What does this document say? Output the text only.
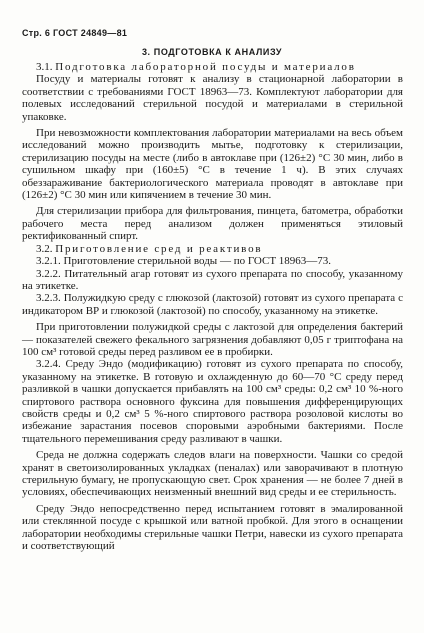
Стр. 6 ГОСТ 24849—81
3. ПОДГОТОВКА К АНАЛИЗУ

3.1. Подготовка лабораторной посуды и материалов

Посуду и материалы готовят к анализу в стационарной лаборатории в соответствии с требованиями ГОСТ 18963—73. Комплектуют лаборатории для полевых исследований стерильной посудой и материалами в стерильной упаковке.

При невозможности комплектования лаборатории материалами на весь объем исследований можно производить мытье, подготовку к стерилизации, стерилизацию посуды на месте (либо в автоклаве при (126±2) °С 30 мин, либо в сушильном шкафу при (160±5) °С в течение 1 ч). В этих случаях обеззараживание бактериологического материала проводят в автоклаве при (126±2) °С 30 мин или кипячением в течение 30 мин.

Для стерилизации прибора для фильтрования, пинцета, батометра, обработки рабочего места перед анализом должен применяться этиловый ректификованный спирт.

3.2. Приготовление сред и реактивов

3.2.1. Приготовление стерильной воды — по ГОСТ 18963—73.

3.2.2. Питательный агар готовят из сухого препарата по способу, указанному на этикетке.

3.2.3. Полужидкую среду с глюкозой (лактозой) готовят из сухого препарата с индикатором ВР и глюкозой (лактозой) по способу, указанному на этикетке.

При приготовлении полужидкой среды с лактозой для определения бактерий — показателей свежего фекального загрязнения добавляют 0,05 г триптофана на 100 см³ готовой среды перед разливом ее в пробирки.

3.2.4. Среду Эндо (модификацию) готовят из сухого препарата по способу, указанному на этикетке. В готовую и охлажденную до 60—70 °С среду перед разливкой в чашки допускается прибавлять на 100 см³ среды: 0,2 см³ 10 %-ного спиртового раствора основного фуксина для повышения дифференцирующих свойств среды и 0,2 см³ 5 %-ного спиртового раствора розоловой кислоты во избежание зарастания посевов споровыми аэробными бактериями. После тщательного перемешивания среду разливают в чашки.

Среда не должна содержать следов влаги на поверхности. Чашки со средой хранят в светоизолированных укладках (пеналах) или заворачивают в плотную стерильную бумагу, не пропускающую свет. Срок хранения — не более 7 дней в условиях, обеспечивающих неизменный внешний вид среды и ее стерильность.

Среду Эндо непосредственно перед испытанием готовят в эмалированной или стеклянной посуде с крышкой или ватной пробкой. Для этого в оснащении лаборатории необходимы стерильные чашки Петри, навески из сухого препарата и соответствующий
